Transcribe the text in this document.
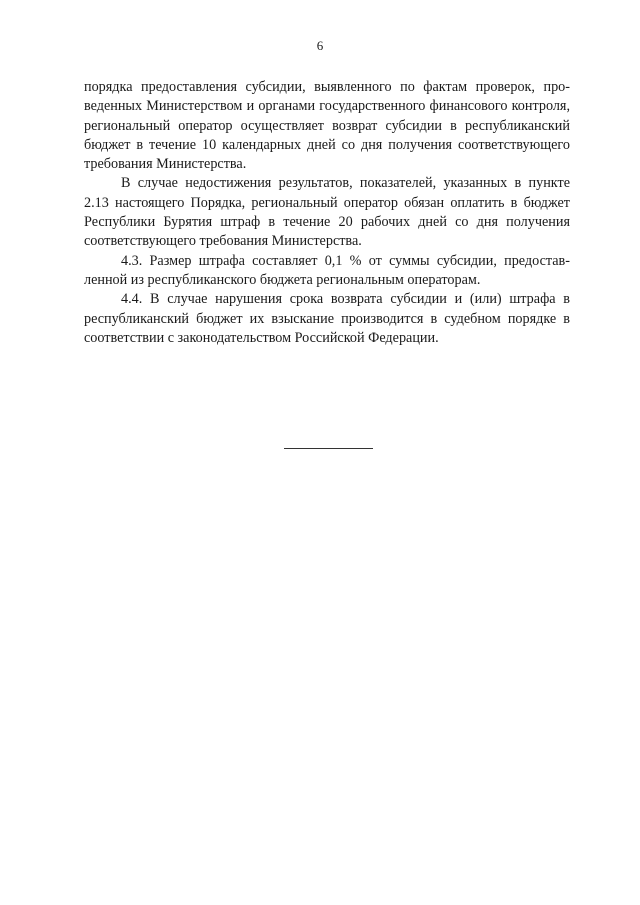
6

порядка предоставления субсидии, выявленного по фактам проверок, проведенных Министерством и органами государственного финансового контроля, региональный оператор осуществляет возврат субсидии в республиканский бюджет в течение 10 календарных дней со дня получения соответствующего требования Министерства.

В случае недостижения результатов, показателей, указанных в пункте 2.13 настоящего Порядка, региональный оператор обязан оплатить в бюджет Республики Бурятия штраф в течение 20 рабочих дней со дня получения соответствующего требования Министерства.

4.3. Размер штрафа составляет 0,1 % от суммы субсидии, предоставленной из республиканского бюджета региональным операторам.

4.4. В случае нарушения срока возврата субсидии и (или) штрафа в республиканский бюджет их взыскание производится в судебном порядке в соответствии с законодательством Российской Федерации.
